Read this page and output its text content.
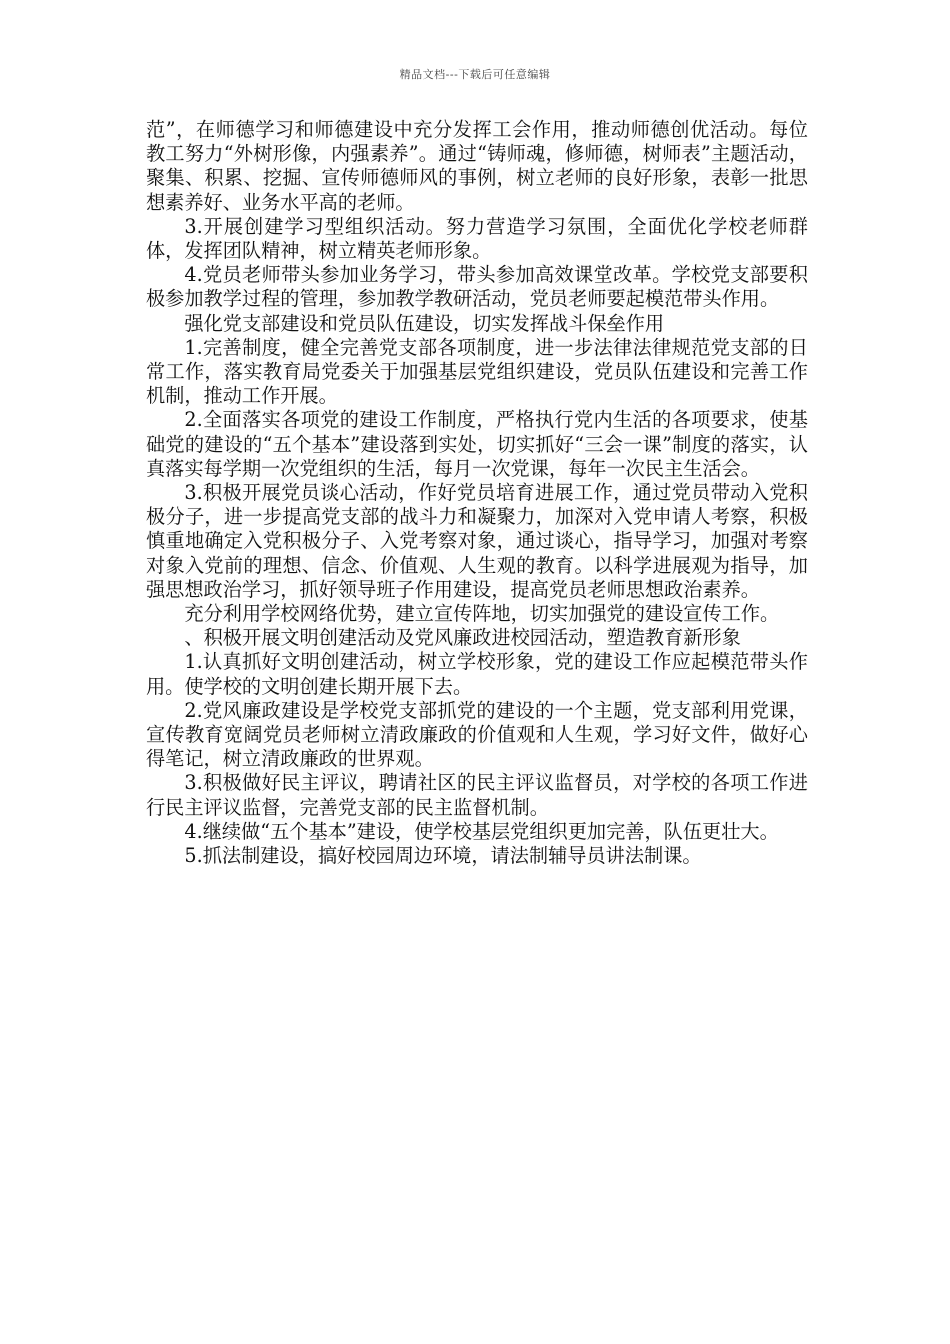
精品文档---下载后可任意编辑

范”，在师德学习和师德建设中充分发挥工会作用，推动师德创优活动。每位教工努力“外树形像，内强素养”。通过“铸师魂，修师德，树师表”主题活动，聚集、积累、挖掘、宣传师德师风的事例，树立老师的良好形象，表彰一批思想素养好、业务水平高的老师。

3.开展创建学习型组织活动。努力营造学习氛围，全面优化学校老师群体，发挥团队精神，树立精英老师形象。

4.党员老师带头参加业务学习，带头参加高效课堂改革。学校党支部要积极参加教学过程的管理，参加教学教研活动，党员老师要起模范带头作用。

强化党支部建设和党员队伍建设，切实发挥战斗保垒作用

1.完善制度，健全完善党支部各项制度，进一步法律法律规范党支部的日常工作，落实教育局党委关于加强基层党组织建设，党员队伍建设和完善工作机制，推动工作开展。

2.全面落实各项党的建设工作制度，严格执行党内生活的各项要求，使基础党的建设的“五个基本”建设落到实处，切实抓好“三会一课”制度的落实，认真落实每学期一次党组织的生活，每月一次党课，每年一次民主生活会。

3.积极开展党员谈心活动，作好党员培育进展工作，通过党员带动入党积极分子，进一步提高党支部的战斗力和凝聚力，加深对入党申请人考察，积极慎重地确定入党积极分子、入党考察对象，通过谈心，指导学习，加强对考察对象入党前的理想、信念、价值观、人生观的教育。以科学进展观为指导，加强思想政治学习，抓好领导班子作用建设，提高党员老师思想政治素养。

充分利用学校网络优势，建立宣传阵地，切实加强党的建设宣传工作。

、积极开展文明创建活动及党风廉政进校园活动，塑造教育新形象

1.认真抓好文明创建活动，树立学校形象，党的建设工作应起模范带头作用。使学校的文明创建长期开展下去。

2.党风廉政建设是学校党支部抓党的建设的一个主题，党支部利用党课，宣传教育宽阔党员老师树立清政廉政的价值观和人生观，学习好文件，做好心得笔记，树立清政廉政的世界观。

3.积极做好民主评议，聘请社区的民主评议监督员，对学校的各项工作进行民主评议监督，完善党支部的民主监督机制。

4.继续做“五个基本”建设，使学校基层党组织更加完善，队伍更壮大。

5.抓法制建设，搞好校园周边环境，请法制辅导员讲法制课。
